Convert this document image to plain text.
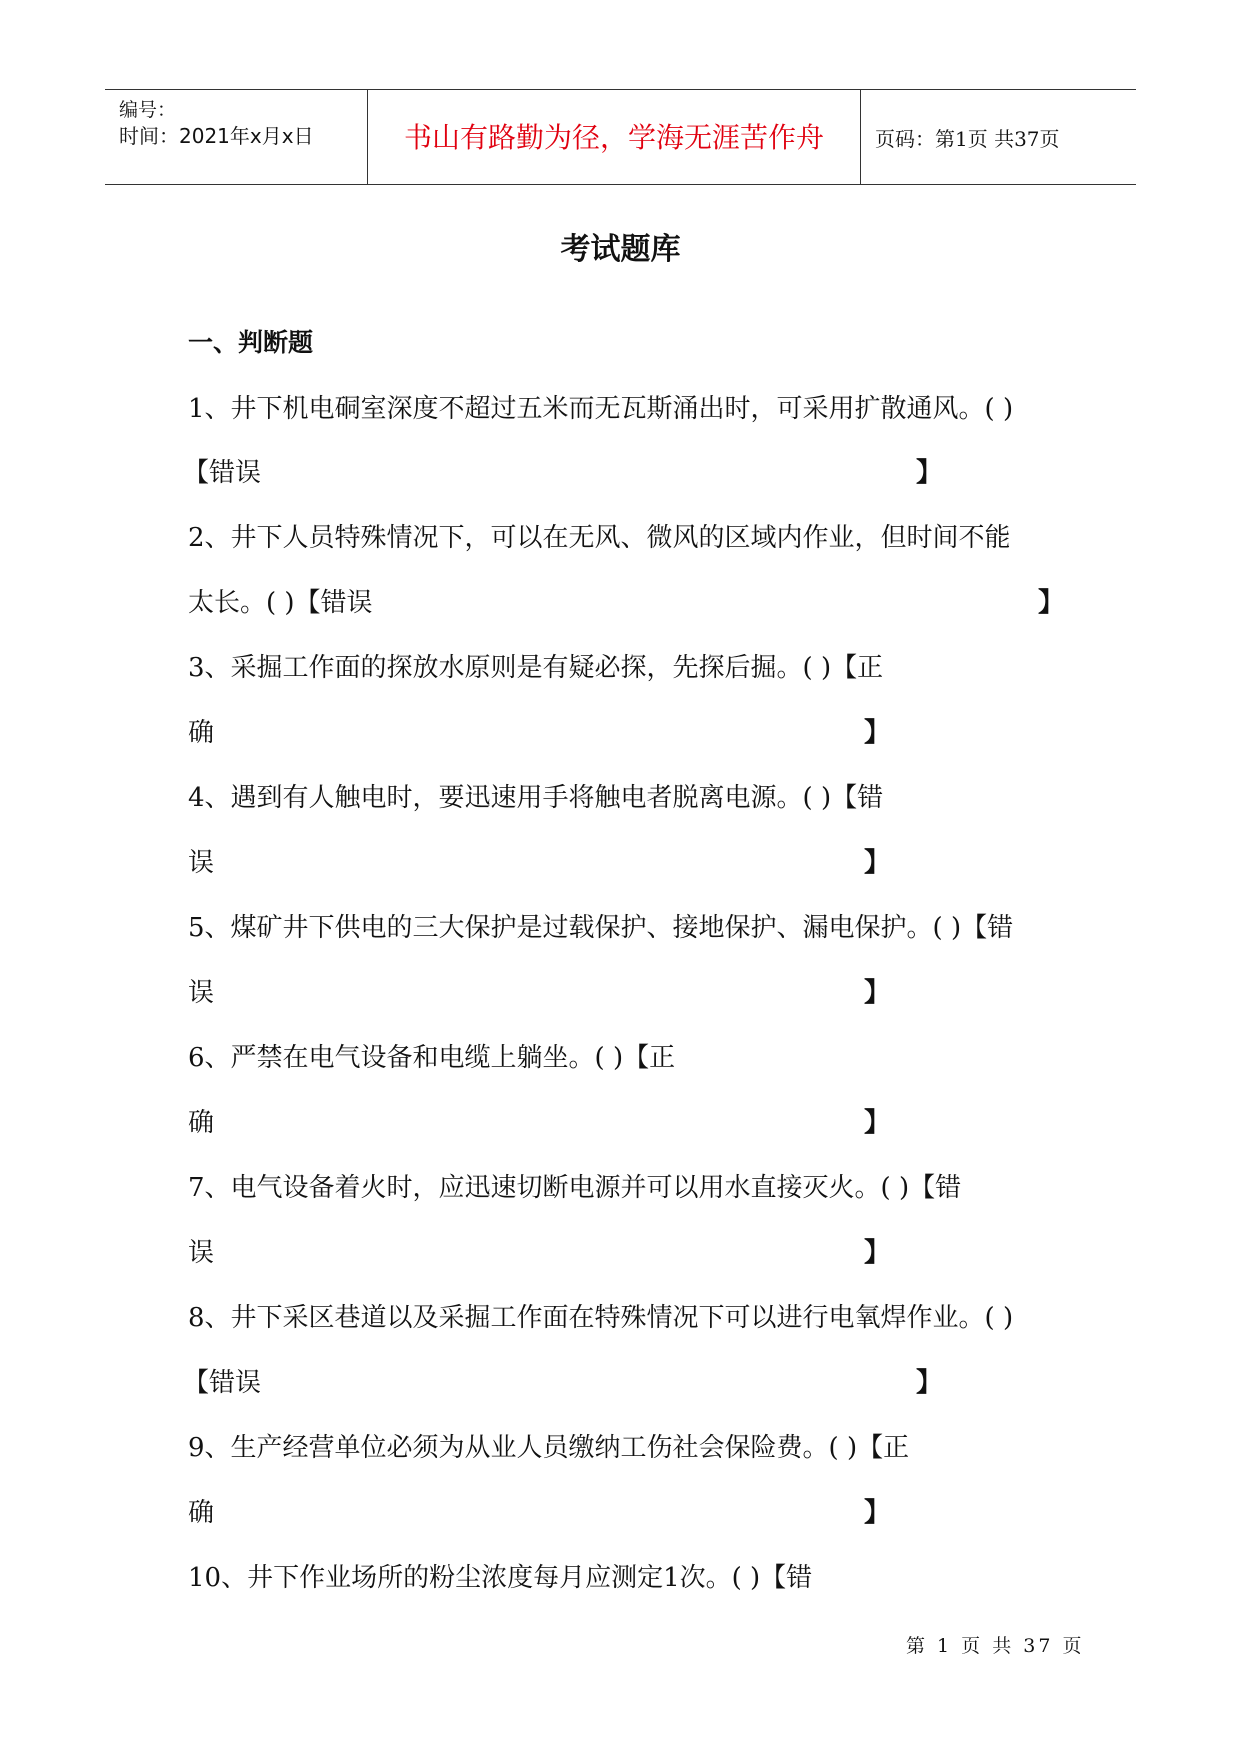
编号：
时间：2021年x月x日	书山有路勤为径，学海无涯苦作舟	页码：第1页 共37页
考试题库
一、判断题
1、井下机电硐室深度不超过五米而无瓦斯涌出时，可采用扩散通风。( )
【错误	】
2、井下人员特殊情况下，可以在无风、微风的区域内作业，但时间不能
太长。( )【错误	】
3、采掘工作面的探放水原则是有疑必探，先探后掘。( )【正
确	】
4、遇到有人触电时，要迅速用手将触电者脱离电源。( )【错
误	】
5、煤矿井下供电的三大保护是过载保护、接地保护、漏电保护。( )【错
误	】
6、严禁在电气设备和电缆上躺坐。( )【正
确	】
7、电气设备着火时，应迅速切断电源并可以用水直接灭火。( )【错
误	】
8、井下采区巷道以及采掘工作面在特殊情况下可以进行电氧焊作业。( )
【错误	】
9、生产经营单位必须为从业人员缴纳工伤社会保险费。( )【正
确	】
10、井下作业场所的粉尘浓度每月应测定1次。( )【错
第 1 页 共 37 页
